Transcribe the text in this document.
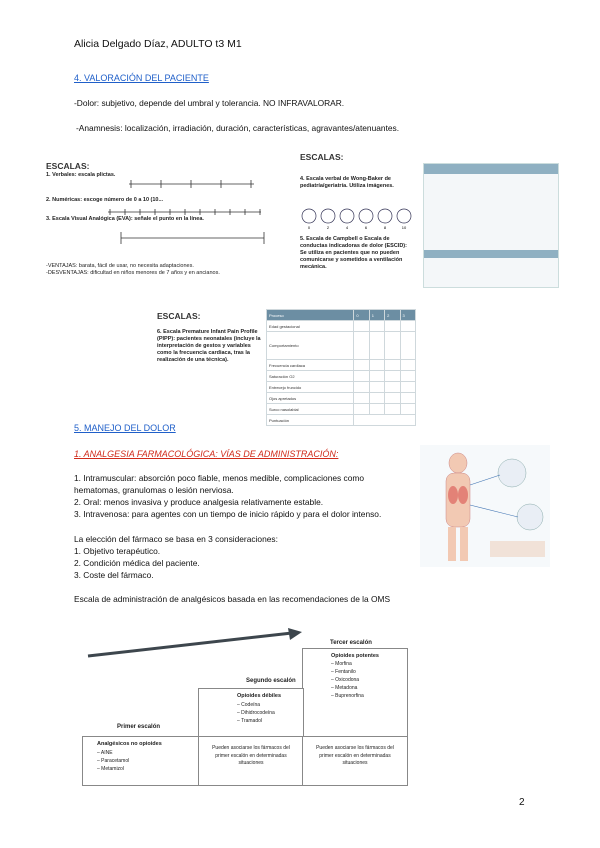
Alicia Delgado Díaz, ADULTO t3 M1
4. VALORACIÓN DEL PACIENTE
-Dolor: subjetivo, depende del umbral y tolerancia. NO INFRAVALORAR.
-Anamnesis: localización, irradiación, duración, características, agravantes/atenuantes.
ESCALAS:
1. Verbales: escala plictas.
2. Numéricas: escoge número de 0 a 10 (10...
3. Escala Visual Analógica (EVA): señale el punto en la línea.
-VENTAJAS: barata, fácil de usar, no necesita adaptaciones.
-DESVENTAJAS: dificultad en niños menores de 7 años y en ancianos.
ESCALAS:
4. Escala verbal de Wong-Baker de pediatría/geriatría. Utiliza imágenes.
0	2	4	6	8	10
5. Escala de Campbell o Escala de conductas indicadoras de dolor (ESCID): Se utiliza en pacientes que no pueden comunicarse y sometidos a ventilación mecánica.
ESCALAS:
6. Escala Premature Infant Pain Profile (PIPP): pacientes neonatales (incluye la interpretación de gestos y variables como la frecuencia cardiaca, tras la realización de una técnica).
Proceso	0	1	2	3
Edad gestacional				
Comportamiento				
Frecuencia cardiaca				
Saturación O2				
Entrecejo fruncido				
Ojos apretados				
Surco nasolabial				
Puntuación				
5. MANEJO DEL DOLOR
1. ANALGESIA FARMACOLÓGICA: VÍAS DE ADMINISTRACIÓN:
1. Intramuscular: absorción poco fiable, menos medible, complicaciones como hematomas, granulomas o lesión nerviosa.
2. Oral: menos invasiva y produce analgesia relativamente estable.
3. Intravenosa: para agentes con un tiempo de inicio rápido y para el dolor intenso.
La elección del fármaco se basa en 3 consideraciones:
1. Objetivo terapéutico.
2. Condición médica del paciente.
3. Coste del fármaco.
Escala de administración de analgésicos basada en las recomendaciones de la OMS
Primer escalón
Segundo escalón
Tercer escalón
Opioides potentes
– Morfina
– Fentanilo
– Oxicodona
– Metadona
– Buprenorfina
Opioides débiles
– Codeína
– Dihidrocodeína
– Tramadol
Analgésicos no opioides
– AINE
– Paracetamol
– Metamizol
Pueden asociarse los fármacos del primer escalón en determinadas situaciones
Pueden asociarse los fármacos del primer escalón en determinadas situaciones
2
